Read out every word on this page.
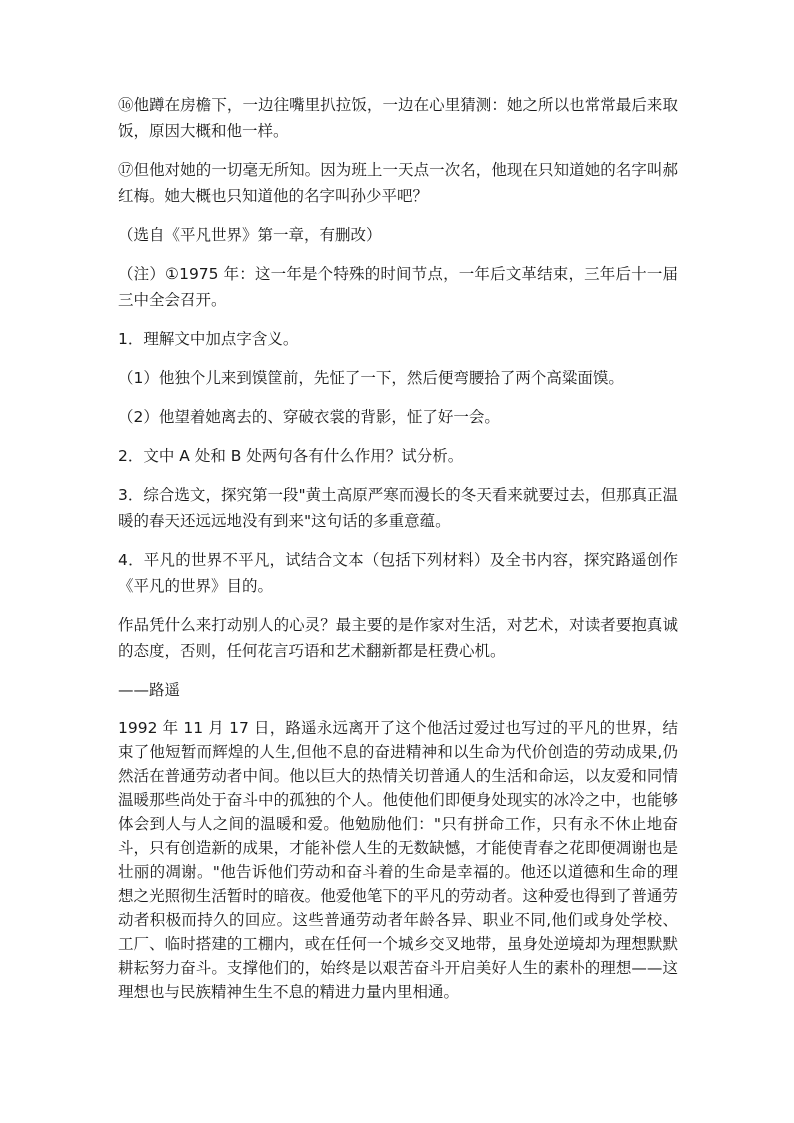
⑯他蹲在房檐下，一边往嘴里扒拉饭，一边在心里猜测：她之所以也常常最后来取饭，原因大概和他一样。

⑰但他对她的一切毫无所知。因为班上一天点一次名，他现在只知道她的名字叫郝红梅。她大概也只知道他的名字叫孙少平吧？

（选自《平凡世界》第一章，有删改）

（注）①1975 年：这一年是个特殊的时间节点，一年后文革结束，三年后十一届三中全会召开。

1．理解文中加点字含义。

（1）他独个儿来到馍筐前，先怔了一下，然后便弯腰拾了两个高粱面馍。

（2）他望着她离去的、穿破衣裳的背影，怔了好一会。

2．文中 A 处和 B 处两句各有什么作用？试分析。

3．综合选文，探究第一段"黄土高原严寒而漫长的冬天看来就要过去，但那真正温暖的春天还远远地没有到来"这句话的多重意蕴。

4．平凡的世界不平凡，试结合文本（包括下列材料）及全书内容，探究路遥创作《平凡的世界》目的。

作品凭什么来打动别人的心灵？最主要的是作家对生活，对艺术，对读者要抱真诚的态度，否则，任何花言巧语和艺术翻新都是枉费心机。

——路遥

1992 年 11 月 17 日，路遥永远离开了这个他活过爱过也写过的平凡的世界，结束了他短暂而辉煌的人生,但他不息的奋进精神和以生命为代价创造的劳动成果,仍然活在普通劳动者中间。他以巨大的热情关切普通人的生活和命运，以友爱和同情温暖那些尚处于奋斗中的孤独的个人。他使他们即便身处现实的冰冷之中，也能够体会到人与人之间的温暖和爱。他勉励他们："只有拼命工作，只有永不休止地奋斗，只有创造新的成果，才能补偿人生的无数缺憾，才能使青春之花即便凋谢也是壮丽的凋谢。"他告诉他们劳动和奋斗着的生命是幸福的。他还以道德和生命的理想之光照彻生活暂时的暗夜。他爱他笔下的平凡的劳动者。这种爱也得到了普通劳动者积极而持久的回应。这些普通劳动者年龄各异、职业不同,他们或身处学校、工厂、临时搭建的工棚内，或在任何一个城乡交叉地带，虽身处逆境却为理想默默耕耘努力奋斗。支撑他们的，始终是以艰苦奋斗开启美好人生的素朴的理想——这理想也与民族精神生生不息的精进力量内里相通。
